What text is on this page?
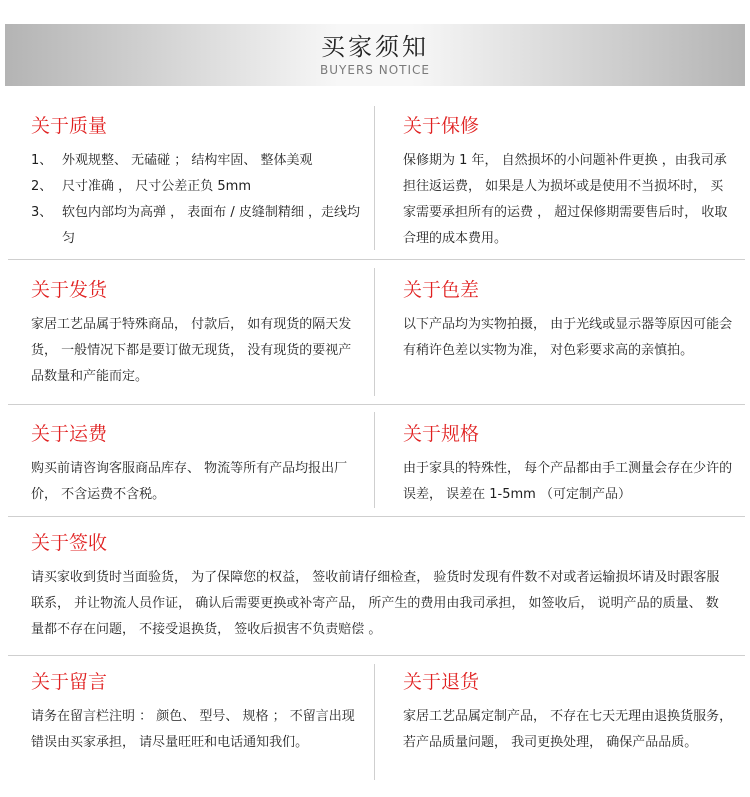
买家须知
BUYERS NOTICE
关于质量
1、 外观规整、 无磕碰 ； 结构牢固、 整体美观
2、 尺寸准确 ， 尺寸公差正负 5mm
3、 软包内部均为高弹 ， 表面布 / 皮缝制精细 ，走线均匀
关于保修

保修期为 1 年， 自然损坏的小问题补件更换 ，由我司承担往返运费， 如果是人为损坏或是使用不当损坏时， 买家需要承担所有的运费 ， 超过保修期需要售后时， 收取合理的成本费用。

关于发货

家居工艺品属于特殊商品， 付款后， 如有现货的隔天发货， 一般情况下都是要订做无现货， 没有现货的要视产品数量和产能而定。

关于色差

以下产品均为实物拍摄， 由于光线或显示器等原因可能会有稍许色差以实物为准， 对色彩要求高的亲慎拍。

关于运费

购买前请咨询客服商品库存、 物流等所有产品均报出厂价， 不含运费不含税。

关于规格

由于家具的特殊性， 每个产品都由手工测量会存在少许的误差， 误差在 1-5mm （可定制产品）

关于签收

请买家收到货时当面验货， 为了保障您的权益， 签收前请仔细检查， 验货时发现有件数不对或者运输损坏请及时跟客服联系， 并让物流人员作证， 确认后需要更换或补寄产品， 所产生的费用由我司承担， 如签收后， 说明产品的质量、 数量都不存在问题， 不接受退换货， 签收后损害不负责赔偿 。

关于留言

请务在留言栏注明 ： 颜色、 型号、 规格 ； 不留言出现错误由买家承担， 请尽量旺旺和电话通知我们。

关于退货

家居工艺品属定制产品， 不存在七天无理由退换货服务， 若产品质量问题， 我司更换处理， 确保产品品质。
